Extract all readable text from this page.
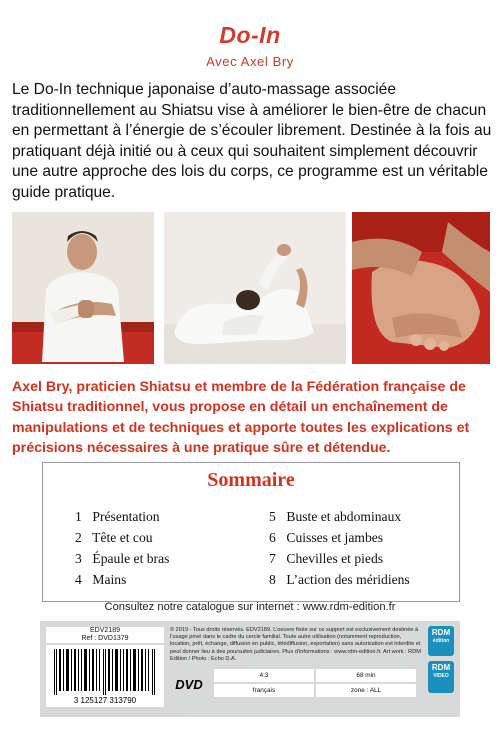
Do-In
Avec Axel Bry
Le Do-In technique japonaise d’auto-massage associée traditionnellement au Shiatsu vise à améliorer le bien-être de chacun en permettant à l’énergie de s’écouler librement. Destinée à la fois au pratiquant déjà initié ou à ceux qui souhaitent simplement découvrir une autre approche des lois du corps, ce programme est un véritable guide pratique.
Axel Bry, praticien Shiatsu et membre de la Fédération française de Shiatsu traditionnel, vous propose en détail un enchaînement de manipulations et de techniques et apporte toutes les explications et précisions nécessaires à une pratique sûre et détendue.
Sommaire
1 Présentation
2 Tête et cou
3 Épaule et bras
4 Mains
5 Buste et abdominaux
6 Cuisses et jambes
7 Chevilles et pieds
8 L’action des méridiens
Consultez notre catalogue sur internet : www.rdm-edition.fr
EDV2189
Ref : DVD1379
3 125127 313790
© 2019 - Tous droits réservés. EDV2189. L’oeuvre fixée sur ce support est exclusivement destinée à l’usage privé dans le cadre du cercle familial. Toute autre utilisation (notamment reproduction, location, prêt, échange, diffusion en public, télédiffusion, exportation) sans autorisation est interdite et peut donner lieu à des poursuites judiciaires. Plus d’informations : www.rdm-edition.fr. Art work : RDM Edition / Photo : Echo D.A.
DVD
4:3	68 min
français	zone : ALL
RDM
édition
RDM
VIDEO
